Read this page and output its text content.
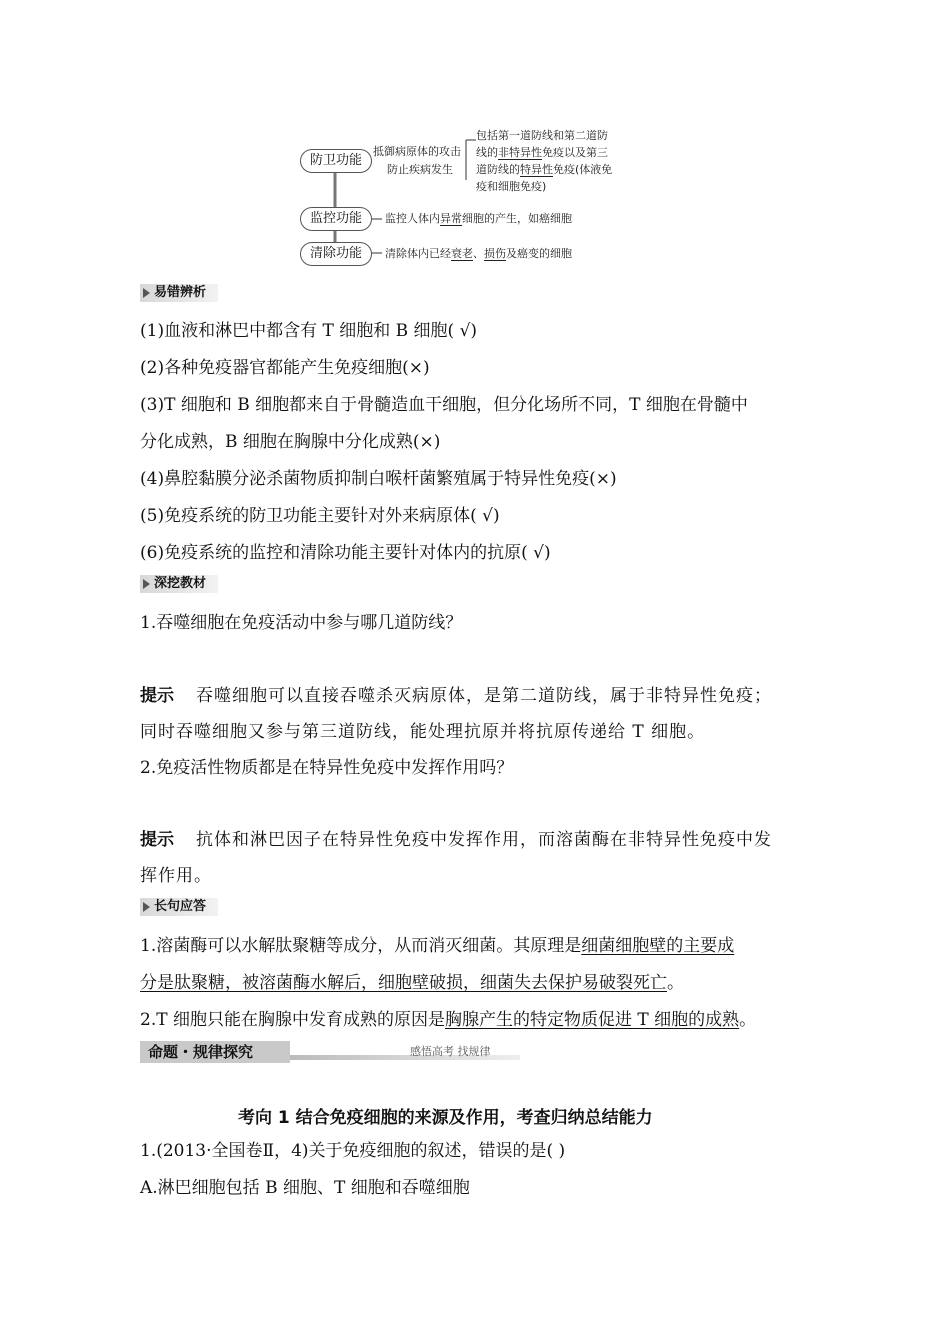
防卫功能
抵御病原体的攻击
防止疾病发生
包括第一道防线和第二道防
线的非特异性免疫以及第三
道防线的特异性免疫(体液免
疫和细胞免疫)
监控功能	监控人体内异常细胞的产生，如癌细胞
清除功能	清除体内已经衰老、损伤及癌变的细胞
易错辨析
(1)血液和淋巴中都含有 T 细胞和 B 细胞( √)
(2)各种免疫器官都能产生免疫细胞(×)
(3)T 细胞和 B 细胞都来自于骨髓造血干细胞，但分化场所不同，T 细胞在骨髓中
分化成熟，B 细胞在胸腺中分化成熟(×)
(4)鼻腔黏膜分泌杀菌物质抑制白喉杆菌繁殖属于特异性免疫(×)
(5)免疫系统的防卫功能主要针对外来病原体( √)
(6)免疫系统的监控和清除功能主要针对体内的抗原( √)
深挖教材
1.吞噬细胞在免疫活动中参与哪几道防线？
提示 吞噬细胞可以直接吞噬杀灭病原体，是第二道防线，属于非特异性免疫；
同时吞噬细胞又参与第三道防线，能处理抗原并将抗原传递给 T 细胞。
2.免疫活性物质都是在特异性免疫中发挥作用吗？
提示 抗体和淋巴因子在特异性免疫中发挥作用，而溶菌酶在非特异性免疫中发
挥作用。
长句应答
1.溶菌酶可以水解肽聚糖等成分，从而消灭细菌。其原理是细菌细胞壁的主要成
分是肽聚糖，被溶菌酶水解后，细胞壁破损，细菌失去保护易破裂死亡。
2.T 细胞只能在胸腺中发育成熟的原因是胸腺产生的特定物质促进 T 细胞的成熟。
命题・规律探究	感悟高考 找规律
考向 1 结合免疫细胞的来源及作用，考查归纳总结能力
1.(2013·全国卷Ⅱ，4)关于免疫细胞的叙述，错误的是( )
A.淋巴细胞包括 B 细胞、T 细胞和吞噬细胞
